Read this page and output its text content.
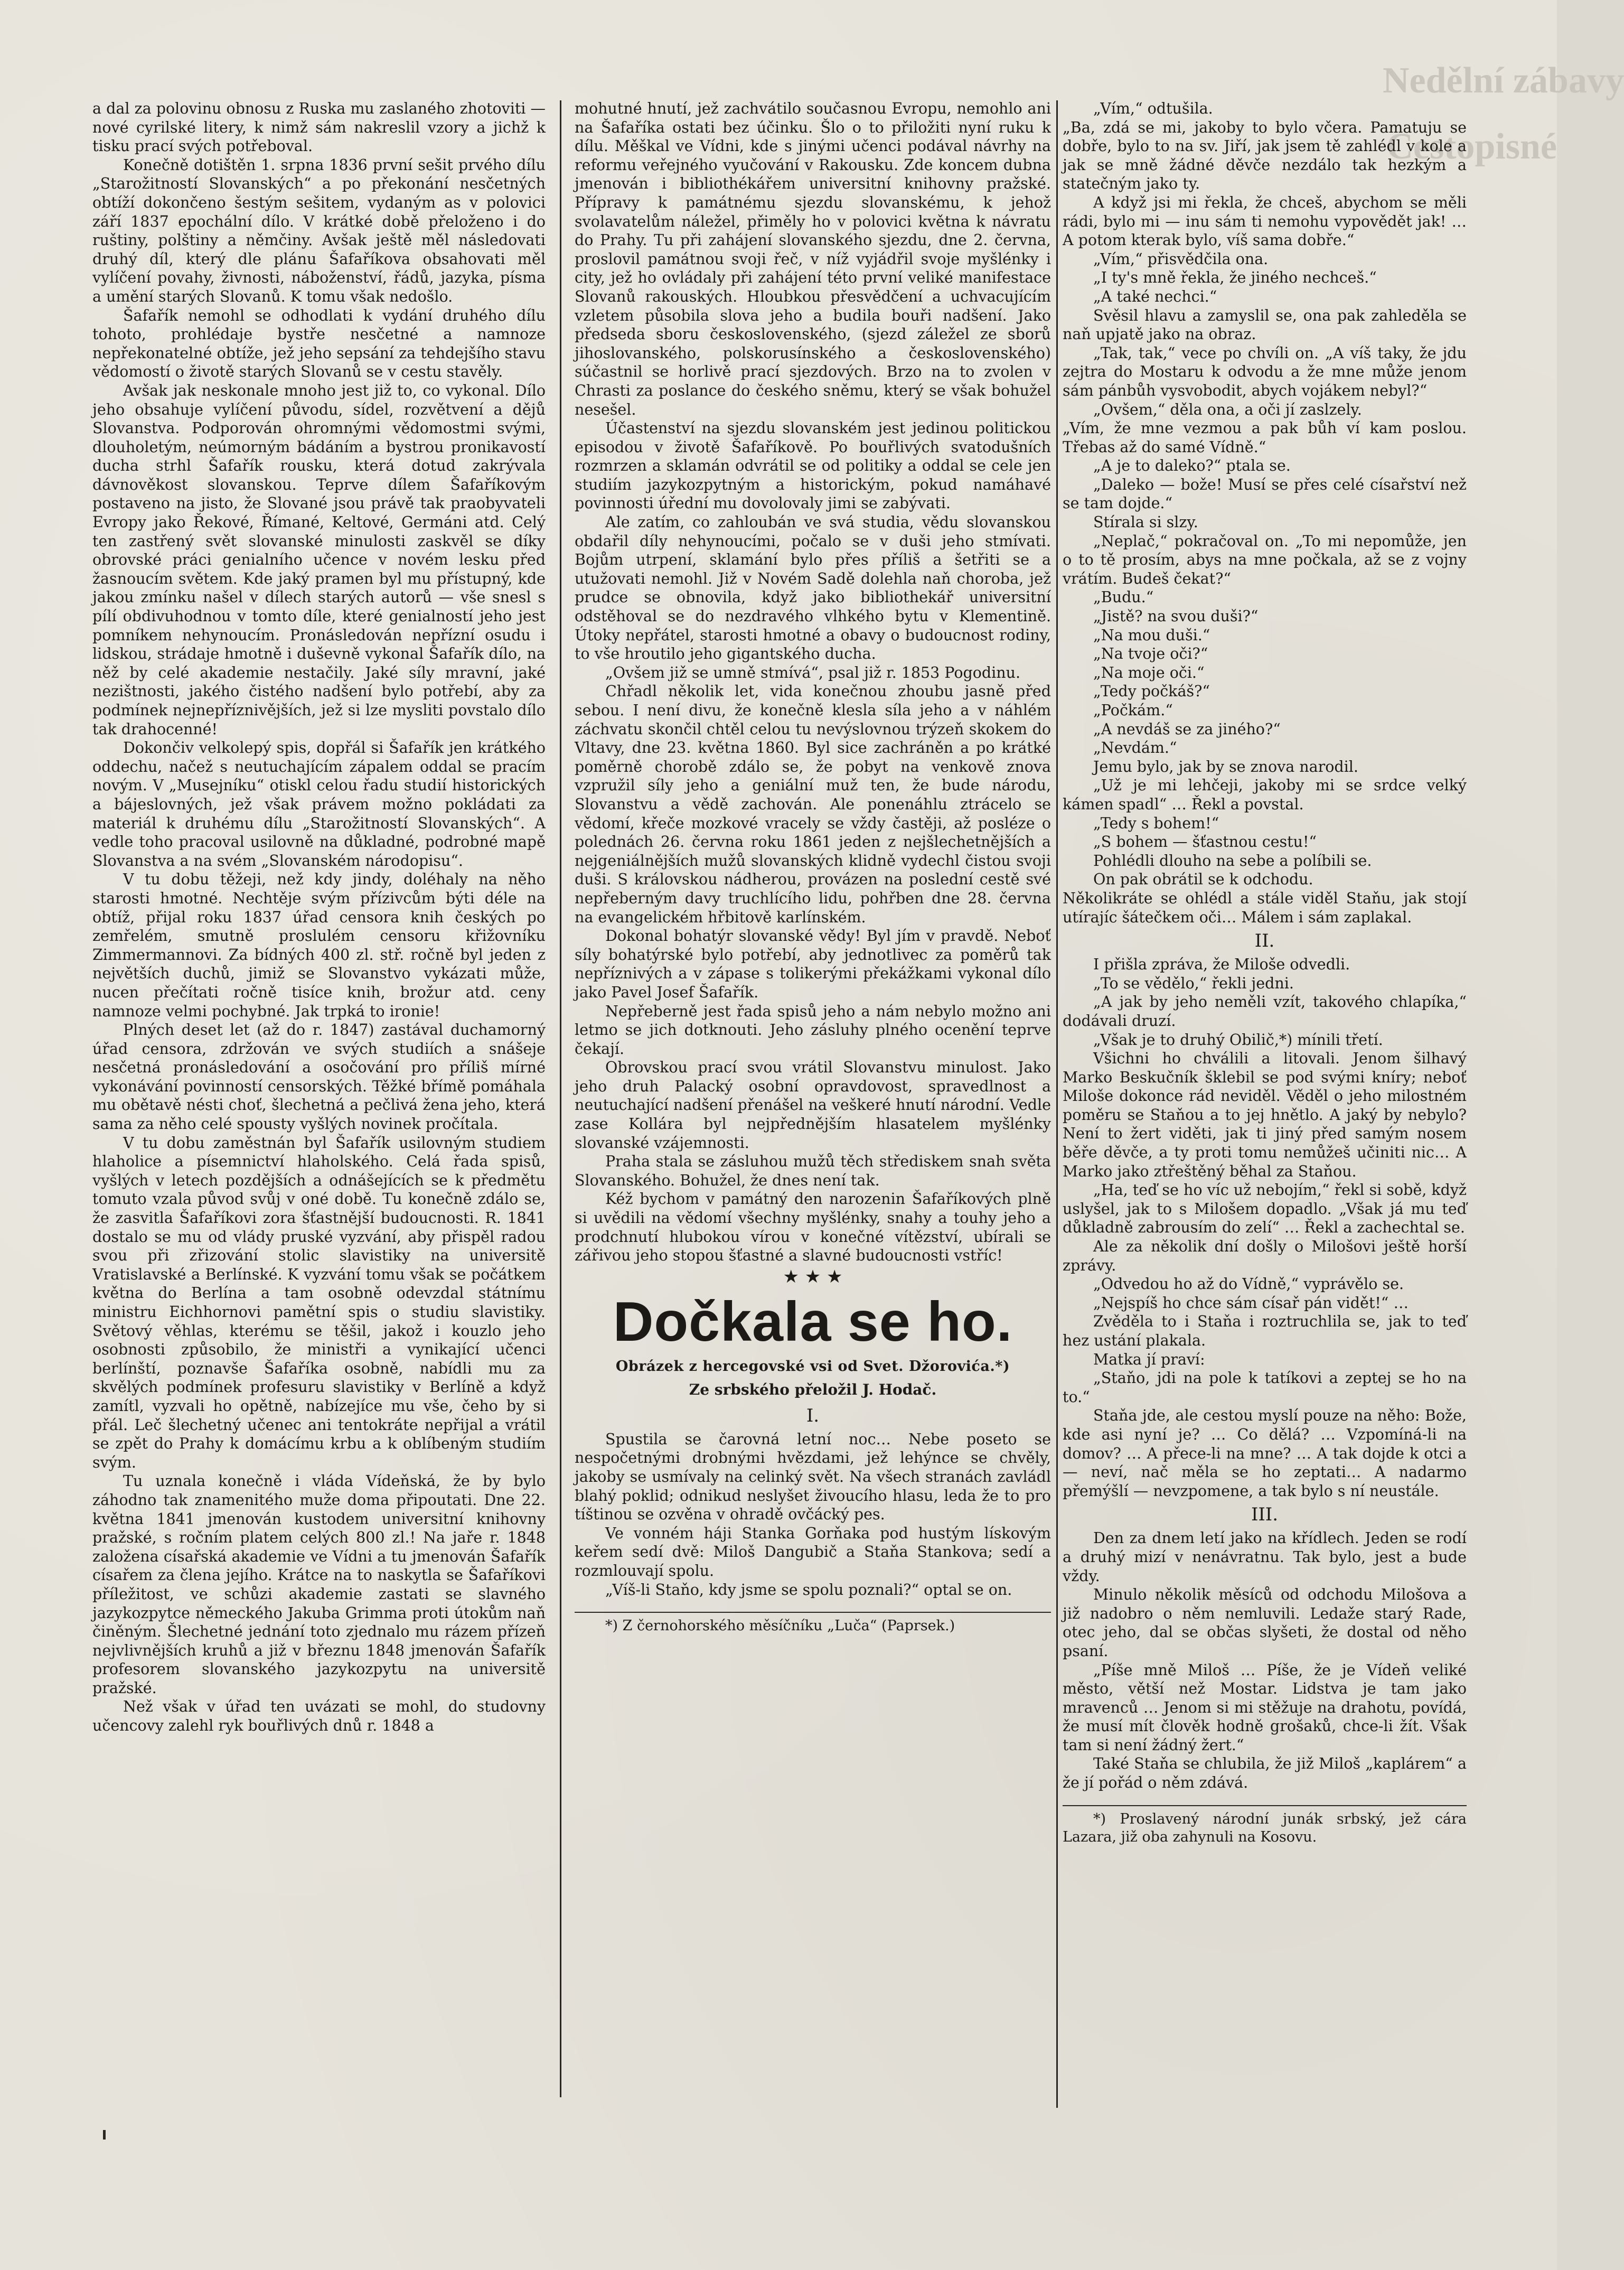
Nedělní zábavy
Cestopisné

a dal za polovinu obnosu z Ruska mu zaslaného zhotoviti — nové cyrilské litery, k nimž sám nakreslil vzory a jichž k tisku prací svých potřeboval.

Konečně dotištěn 1. srpna 1836 první sešit prvého dílu „Starožitností Slovanských“ a po překonání nesčetných obtíží dokončeno šestým sešitem, vydaným as v polovici září 1837 epochální dílo. V krátké době přeloženo i do ruštiny, polštiny a němčiny. Avšak ještě měl následovati druhý díl, který dle plánu Šafaříkova obsahovati měl vylíčení povahy, živnosti, náboženství, řádů, jazyka, písma a umění starých Slovanů. K tomu však nedošlo.

Šafařík nemohl se odhodlati k vydání druhého dílu tohoto, prohlédaje bystře nesčetné a namnoze nepřekonatelné obtíže, jež jeho sepsání za tehdejšího stavu vědomostí o životě starých Slovanů se v cestu stavěly.

Avšak jak neskonale mnoho jest již to, co vykonal. Dílo jeho obsahuje vylíčení původu, sídel, rozvětvení a dějů Slovanstva. Podporován ohromnými vědomostmi svými, dlouholetým, neúmorným bádáním a bystrou pronikavostí ducha strhl Šafařík rousku, která dotud zakrývala dávnověkost slovanskou. Teprve dílem Šafaříkovým postaveno na jisto, že Slované jsou právě tak praobyvateli Evropy jako Řekové, Římané, Keltové, Germáni atd. Celý ten zastřený svět slovanské minulosti zaskvěl se díky obrovské práci genialního učence v novém lesku před žasnoucím světem. Kde jaký pramen byl mu přístupný, kde jakou zmínku našel v dílech starých autorů — vše snesl s pílí obdivuhodnou v tomto díle, které genialností jeho jest pomníkem nehynoucím. Pronásledován nepřízní osudu i lidskou, strádaje hmotně i duševně vykonal Šafařík dílo, na něž by celé akademie nestačily. Jaké síly mravní, jaké nezištnosti, jakého čistého nadšení bylo potřebí, aby za podmínek nejnepříznivějších, jež si lze mysliti povstalo dílo tak drahocenné!

Dokončiv velkolepý spis, dopřál si Šafařík jen krátkého oddechu, načež s neutuchajícím zápalem oddal se pracím novým. V „Musejníku“ otiskl celou řadu studií historických a bájeslovných, jež však právem možno pokládati za materiál k druhému dílu „Starožitností Slovanských“. A vedle toho pracoval usilovně na důkladné, podrobné mapě Slovanstva a na svém „Slovanském národopisu“.

V tu dobu těžeji, než kdy jindy, doléhaly na něho starosti hmotné. Nechtěje svým přízivcům býti déle na obtíž, přijal roku 1837 úřad censora knih českých po zemřelém, smutně proslulém censoru křižovníku Zimmermannovi. Za bídných 400 zl. stř. ročně byl jeden z největších duchů, jimiž se Slovanstvo vykázati může, nucen přečítati ročně tisíce knih, brožur atd. ceny namnoze velmi pochybné. Jak trpká to ironie!

Plných deset let (až do r. 1847) zastával duchamorný úřad censora, zdržován ve svých studiích a snášeje nesčetná pronásledování a osočování pro příliš mírné vykonávání povinností censorských. Těžké břímě pomáhala mu obětavě nésti choť, šlechetná a pečlivá žena jeho, která sama za něho celé spousty vyšlých novinek pročítala.

V tu dobu zaměstnán byl Šafařík usilovným studiem hlaholice a písemnictví hlaholského. Celá řada spisů, vyšlých v letech pozdějších a odnášejících se k předmětu tomuto vzala původ svůj v oné době. Tu konečně zdálo se, že zasvitla Šafaříkovi zora šťastnější budoucnosti. R. 1841 dostalo se mu od vlády pruské vyzvání, aby přispěl radou svou při zřizování stolic slavistiky na universitě Vratislavské a Berlínské. K vyzvání tomu však se počátkem května do Berlína a tam osobně odevzdal státnímu ministru Eichhornovi pamětní spis o studiu slavistiky. Světový věhlas, kterému se těšil, jakož i kouzlo jeho osobnosti způsobilo, že ministři a vynikající učenci berlínští, poznavše Šafaříka osobně, nabídli mu za skvělých podmínek profesuru slavistiky v Berlíně a když zamítl, vyzvali ho opětně, nabízejíce mu vše, čeho by si přál. Leč šlechetný učenec ani tentokráte nepřijal a vrátil se zpět do Prahy k domácímu krbu a k oblíbeným studiím svým.

Tu uznala konečně i vláda Vídeňská, že by bylo záhodno tak znamenitého muže doma připoutati. Dne 22. května 1841 jmenován kustodem universitní knihovny pražské, s ročním platem celých 800 zl.! Na jaře r. 1848 založena císařská akademie ve Vídni a tu jmenován Šafařík císařem za člena jejího. Krátce na to naskytla se Šafaříkovi příležitost, ve schůzi akademie zastati se slavného jazykozpytce německého Jakuba Grimma proti útokům naň činěným. Šlechetné jednání toto zjednalo mu rázem přízeň nejvlivnějších kruhů a již v březnu 1848 jmenován Šafařík profesorem slovanského jazykozpytu na universitě pražské.

Než však v úřad ten uvázati se mohl, do studovny učencovy zalehl ryk bouřlivých dnů r. 1848 a

mohutné hnutí, jež zachvátilo současnou Evropu, nemohlo ani na Šafaříka ostati bez účinku. Šlo o to přiložiti nyní ruku k dílu. Měškal ve Vídni, kde s jinými učenci podával návrhy na reformu veřejného vyučování v Rakousku. Zde koncem dubna jmenován i bibliothékářem universitní knihovny pražské. Přípravy k památnému sjezdu slovanskému, k jehož svolavatelům náležel, přiměly ho v polovici května k návratu do Prahy. Tu při zahájení slovanského sjezdu, dne 2. června, proslovil památnou svoji řeč, v níž vyjádřil svoje myšlénky i city, jež ho ovládaly při zahájení této první veliké manifestace Slovanů rakouských. Hloubkou přesvědčení a uchvacujícím vzletem působila slova jeho a budila bouři nadšení. Jako předseda sboru československého, (sjezd záležel ze sborů jihoslovanského, polskorusínského a československého) súčastnil se horlivě prací sjezdových. Brzo na to zvolen v Chrasti za poslance do českého sněmu, který se však bohužel nesešel.

Účastenství na sjezdu slovanském jest jedinou politickou episodou v životě Šafaříkově. Po bouřlivých svatodušních rozmrzen a sklamán odvrátil se od politiky a oddal se cele jen studiím jazykozpytným a historickým, pokud namáhavé povinnosti úřední mu dovolovaly jimi se zabývati.

Ale zatím, co zahloubán ve svá studia, vědu slovanskou obdařil díly nehynoucími, počalo se v duši jeho stmívati. Bojům utrpení, sklamání bylo přes příliš a šetřiti se a utužovati nemohl. Již v Novém Sadě dolehla naň choroba, jež prudce se obnovila, když jako bibliothekář universitní odstěhoval se do nezdravého vlhkého bytu v Klementině. Útoky nepřátel, starosti hmotné a obavy o budoucnost rodiny, to vše hroutilo jeho gigantského ducha.

„Ovšem již se umně stmívá“, psal již r. 1853 Pogodinu.

Chřadl několik let, vida konečnou zhoubu jasně před sebou. I není divu, že konečně klesla síla jeho a v náhlém záchvatu skončil chtěl celou tu nevýslovnou trýzeň skokem do Vltavy, dne 23. května 1860. Byl sice zachráněn a po krátké poměrně chorobě zdálo se, že pobyt na venkově znova vzpružil síly jeho a geniální muž ten, že bude národu, Slovanstvu a vědě zachován. Ale ponenáhlu ztrácelo se vědomí, křeče mozkové vracely se vždy častěji, až posléze o polednách 26. června roku 1861 jeden z nejšlechetnějších a nejgeniálnějších mužů slovanských klidně vydechl čistou svoji duši. S královskou nádherou, provázen na poslední cestě své nepřeberným davy truchlícího lidu, pohřben dne 28. června na evangelickém hřbitově karlínském.

Dokonal bohatýr slovanské vědy! Byl jím v pravdě. Neboť síly bohatýrské bylo potřebí, aby jednotlivec za poměrů tak nepříznivých a v zápase s tolikerými překážkami vykonal dílo jako Pavel Josef Šafařík.

Nepřeberně jest řada spisů jeho a nám nebylo možno ani letmo se jich dotknouti. Jeho zásluhy plného ocenění teprve čekají.

Obrovskou prací svou vrátil Slovanstvu minulost. Jako jeho druh Palacký osobní opravdovost, spravedlnost a neutuchající nadšení přenášel na veškeré hnutí národní. Vedle zase Kollára byl nejpřednějším hlasatelem myšlénky slovanské vzájemnosti.

Praha stala se zásluhou mužů těch střediskem snah světa Slovanského. Bohužel, že dnes není tak.

Kéž bychom v památný den narozenin Šafaříkových plně si uvědili na vědomí všechny myšlénky, snahy a touhy jeho a prodchnutí hlubokou vírou v konečné vítězství, ubírali se zářivou jeho stopou šťastné a slavné budoucnosti vstříc!

★ ★ ★

Dočkala se ho.

Obrázek z hercegovské vsi od Svet. Džorovića.*)

Ze srbského přeložil J. Hodač.

I.

Spustila se čarovná letní noc… Nebe poseto se nespočetnými drobnými hvězdami, jež lehýnce se chvěly, jakoby se usmívaly na celinký svět. Na všech stranách zavládl blahý poklid; odnikud neslyšet živoucího hlasu, leda že to pro tíštinou se ozvěna v ohradě ovčácký pes.

Ve vonném háji Stanka Gorňaka pod hustým lískovým keřem sedí dvě: Miloš Dangubič a Staňa Stankova; sedí a rozmlouvají spolu.

„Víš-li Staňo, kdy jsme se spolu poznali?“ optal se on.

*) Z černohorského měsíčníku „Luča“ (Paprsek.)

„Vím,“ odtušila.

„Ba, zdá se mi, jakoby to bylo včera. Pamatuju se dobře, bylo to na sv. Jiří, jak jsem tě zahlédl v kole a jak se mně žádné děvče nezdálo tak hezkým a statečným jako ty.

A když jsi mi řekla, že chceš, abychom se měli rádi, bylo mi — inu sám ti nemohu vypovědět jak! … A potom kterak bylo, víš sama dobře.“

„Vím,“ přisvědčila ona.

„I ty's mně řekla, že jiného nechceš.“

„A také nechci.“

Svěsil hlavu a zamyslil se, ona pak zahleděla se naň upjatě jako na obraz.

„Tak, tak,“ vece po chvíli on. „A víš taky, že jdu zejtra do Mostaru k odvodu a že mne může jenom sám pánbůh vysvobodit, abych vojákem nebyl?“

„Ovšem,“ děla ona, a oči jí zaslzely.

„Vím, že mne vezmou a pak bůh ví kam poslou. Třebas až do samé Vídně.“

„A je to daleko?“ ptala se.

„Daleko — bože! Musí se přes celé císařství než se tam dojde.“

Stírala si slzy.

„Neplač,“ pokračoval on. „To mi nepomůže, jen o to tě prosím, abys na mne počkala, až se z vojny vrátím. Budeš čekat?“

„Budu.“

„Jistě? na svou duši?“

„Na mou duši.“

„Na tvoje oči?“

„Na moje oči.“

„Tedy počkáš?“

„Počkám.“

„A nevdáš se za jiného?“

„Nevdám.“

Jemu bylo, jak by se znova narodil.

„Už je mi lehčeji, jakoby mi se srdce velký kámen spadl“ … Řekl a povstal.

„Tedy s bohem!“

„S bohem — šťastnou cestu!“

Pohlédli dlouho na sebe a políbili se.

On pak obrátil se k odchodu.

Několikráte se ohlédl a stále viděl Staňu, jak stojí utírajíc šátečkem oči… Málem i sám zaplakal.

II.

I přišla zpráva, že Miloše odvedli.

„To se vědělo,“ řekli jedni.

„A jak by jeho neměli vzít, takového chlapíka,“ dodávali druzí.

„Však je to druhý Obilič,*) mínili třetí.

Všichni ho chválili a litovali. Jenom šilhavý Marko Beskučník šklebil se pod svými kníry; neboť Miloše dokonce rád neviděl. Věděl o jeho milostném poměru se Staňou a to jej hnětlo. A jaký by nebylo? Není to žert viděti, jak ti jiný před samým nosem běře děvče, a ty proti tomu nemůžeš učiniti nic… A Marko jako ztřeštěný běhal za Staňou.

„Ha, teď se ho víc už nebojím,“ řekl si sobě, když uslyšel, jak to s Milošem dopadlo. „Však já mu teď důkladně zabrousím do zelí“ … Řekl a zachechtal se.

Ale za několik dní došly o Milošovi ještě horší zprávy.

„Odvedou ho až do Vídně,“ vyprávělo se.

„Nejspíš ho chce sám císař pán vidět!“ …

Zvěděla to i Staňa i roztruchlila se, jak to teď hez ustání plakala.

Matka jí praví:

„Staňo, jdi na pole k tatíkovi a zeptej se ho na to.“

Staňa jde, ale cestou myslí pouze na něho: Bože, kde asi nyní je? … Co dělá? … Vzpomíná-li na domov? … A přece-li na mne? … A tak dojde k otci a — neví, nač měla se ho zeptati… A nadarmo přemýšlí — nevzpomene, a tak bylo s ní neustále.

III.

Den za dnem letí jako na křídlech. Jeden se rodí a druhý mizí v nenávratnu. Tak bylo, jest a bude vždy.

Minulo několik měsíců od odchodu Milošova a již nadobro o něm nemluvili. Ledaže starý Rade, otec jeho, dal se občas slyšeti, že dostal od něho psaní.

„Píše mně Miloš … Píše, že je Vídeň veliké město, větší než Mostar. Lidstva je tam jako mravenců … Jenom si mi stěžuje na drahotu, povídá, že musí mít člověk hodně grošaků, chce-li žít. Však tam si není žádný žert.“

Také Staňa se chlubila, že již Miloš „kaplárem“ a že jí pořád o něm zdává.

*) Proslavený národní junák srbský, jež cára Lazara, již oba zahynuli na Kosovu.
